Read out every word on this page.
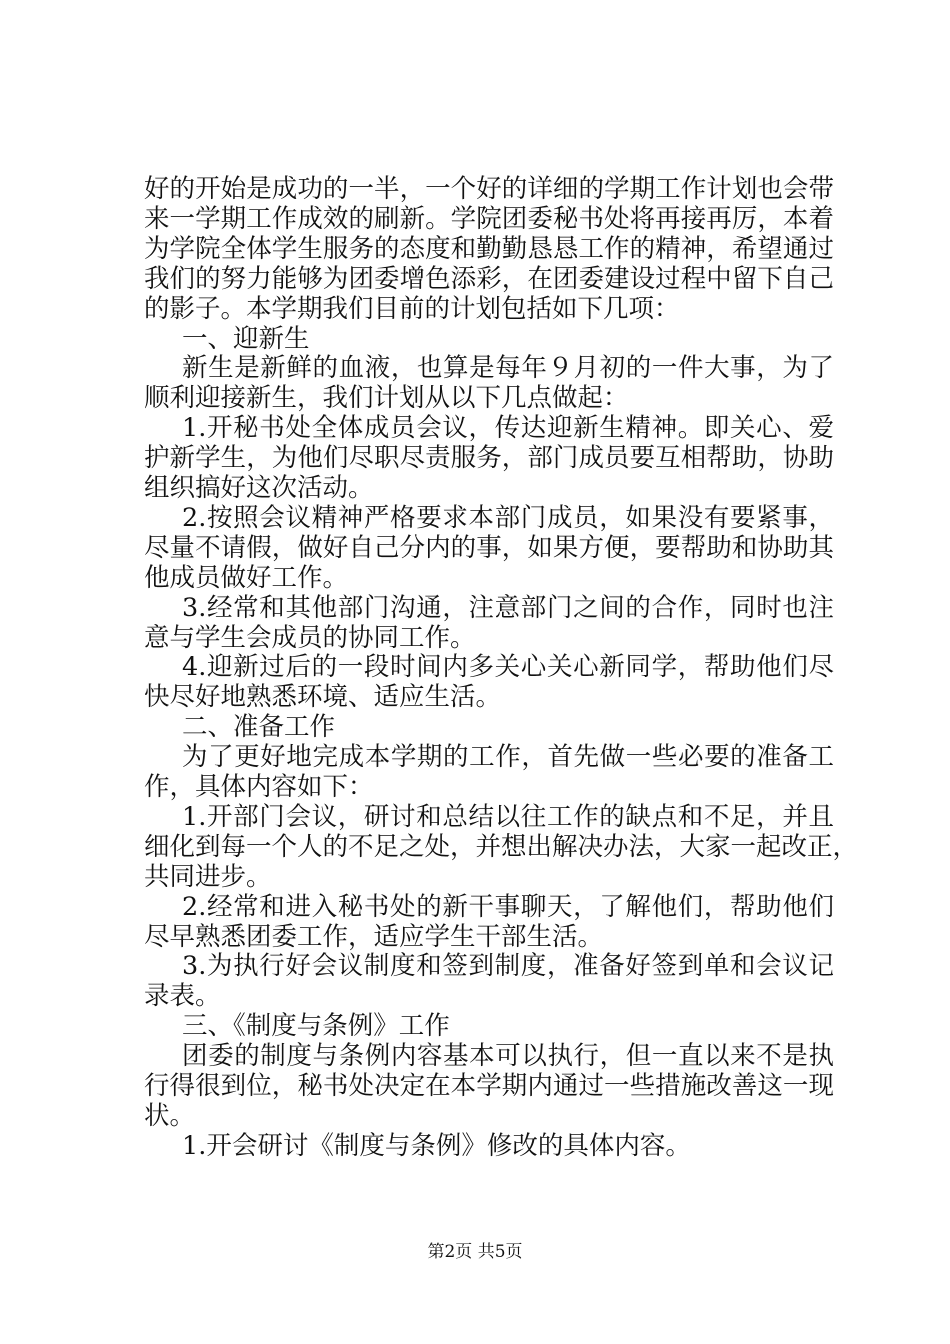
好的开始是成功的一半，一个好的详细的学期工作计划也会带
来一学期工作成效的刷新。学院团委秘书处将再接再厉，本着
为学院全体学生服务的态度和勤勤恳恳工作的精神，希望通过
我们的努力能够为团委增色添彩，在团委建设过程中留下自己
的影子。本学期我们目前的计划包括如下几项：
一、迎新生
新生是新鲜的血液，也算是每年９月初的一件大事，为了
顺利迎接新生，我们计划从以下几点做起：
1.开秘书处全体成员会议，传达迎新生精神。即关心、爱
护新学生，为他们尽职尽责服务，部门成员要互相帮助，协助
组织搞好这次活动。
2.按照会议精神严格要求本部门成员，如果没有要紧事，
尽量不请假，做好自己分内的事，如果方便，要帮助和协助其
他成员做好工作。
3.经常和其他部门沟通，注意部门之间的合作，同时也注
意与学生会成员的协同工作。
4.迎新过后的一段时间内多关心关心新同学，帮助他们尽
快尽好地熟悉环境、适应生活。
二、准备工作
为了更好地完成本学期的工作，首先做一些必要的准备工
作，具体内容如下：
1.开部门会议，研讨和总结以往工作的缺点和不足，并且
细化到每一个人的不足之处，并想出解决办法，大家一起改正，
共同进步。
2.经常和进入秘书处的新干事聊天，了解他们，帮助他们
尽早熟悉团委工作，适应学生干部生活。
3.为执行好会议制度和签到制度，准备好签到单和会议记
录表。
三、《制度与条例》工作
团委的制度与条例内容基本可以执行，但一直以来不是执
行得很到位，秘书处决定在本学期内通过一些措施改善这一现
状。
1.开会研讨《制度与条例》修改的具体内容。
第2页 共5页
